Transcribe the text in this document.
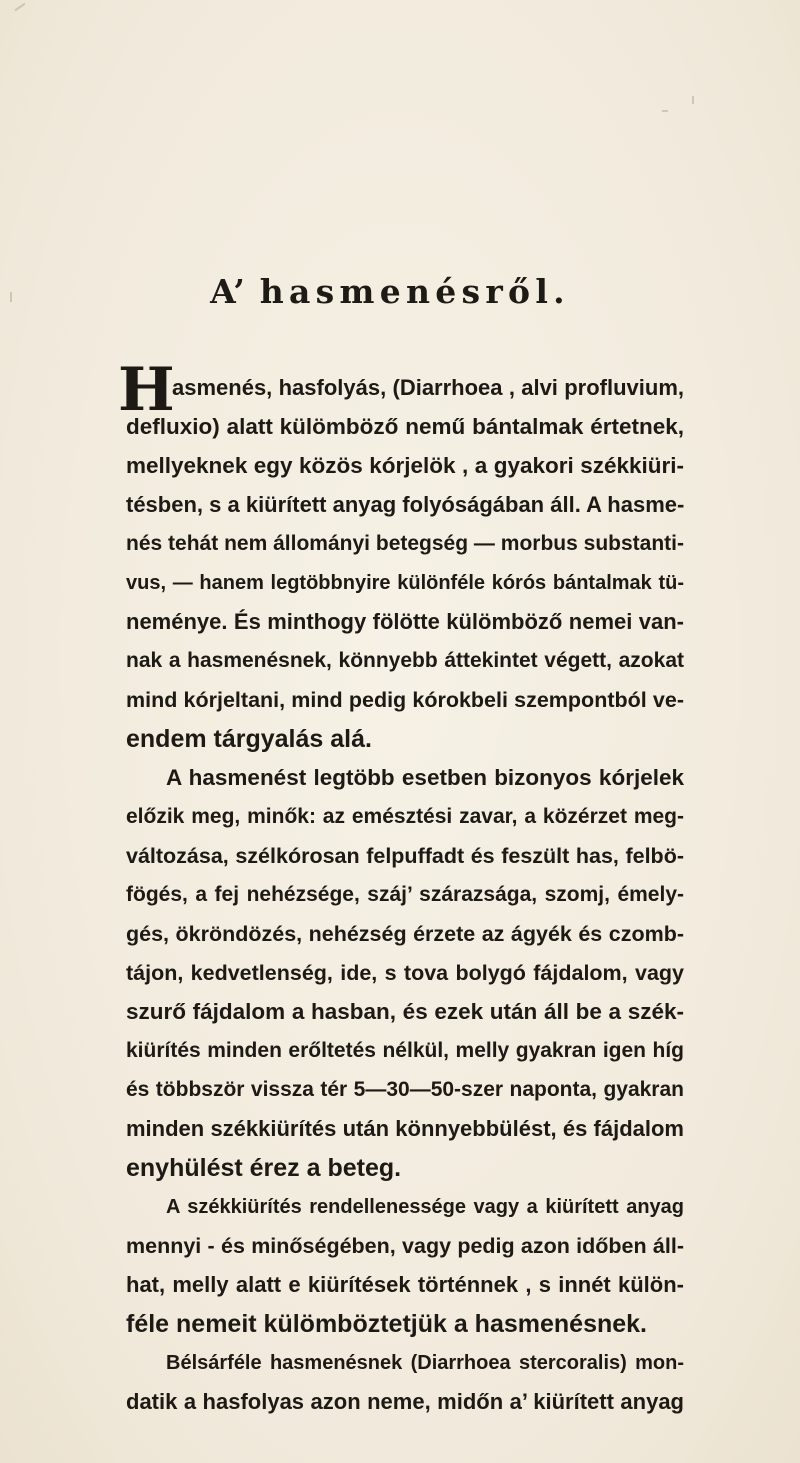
A’ hasmenésről.
H
asmenés, hasfolyás, (Diarrhoea , alvi profluvium,
defluxio) alatt külömböző nemű bántalmak értetnek,
mellyeknek egy közös kórjelök , a gyakori székkiüri-
tésben, s a kiürített anyag folyóságában áll. A hasme-
nés tehát nem állományi betegség — morbus substanti-
vus, — hanem legtöbbnyire különféle kórós bántalmak tü-
neménye. És minthogy fölötte külömböző nemei van-
nak a hasmenésnek, könnyebb áttekintet végett, azokat
mind kórjeltani, mind pedig kórokbeli szempontból ve-
endem tárgyalás alá.
A hasmenést legtöbb esetben bizonyos kórjelek
előzik meg, minők: az emésztési zavar, a közérzet meg-
változása, szélkórosan felpuffadt és feszült has, felbö-
fögés, a fej nehézsége, száj’ szárazsága, szomj, émely-
gés, ökröndözés, nehézség érzete az ágyék és czomb-
tájon, kedvetlenség, ide, s tova bolygó fájdalom, vagy
szurő fájdalom a hasban, és ezek után áll be a szék-
kiürítés minden erőltetés nélkül, melly gyakran igen híg
és többször vissza tér 5—30—50-szer naponta, gyakran
minden székkiürítés után könnyebbülést, és fájdalom
enyhülést érez a beteg.
A székkiürítés rendellenessége vagy a kiürített anyag
mennyi - és minőségében, vagy pedig azon időben áll-
hat, melly alatt e kiürítések történnek , s innét külön-
féle nemeit külömböztetjük a hasmenésnek.
Bélsárféle hasmenésnek (Diarrhoea stercoralis) mon-
datik a hasfolyas azon neme, midőn a’ kiürített anyag
